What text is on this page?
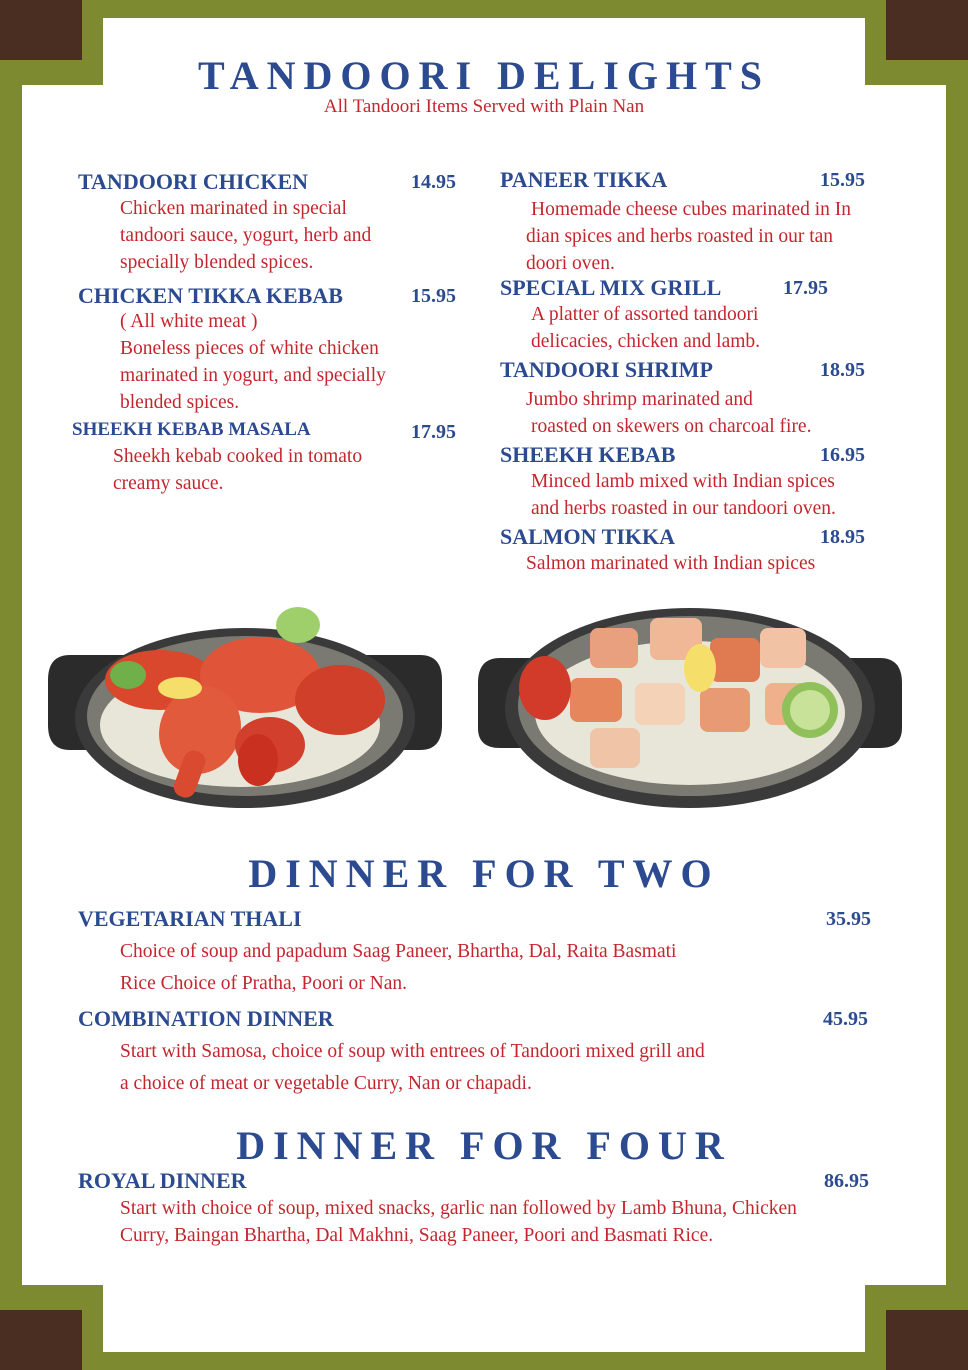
TANDOORI DELIGHTS
All Tandoori Items Served with Plain Nan
TANDOORI CHICKEN	14.95
Chicken marinated in special
tandoori sauce, yogurt, herb and
specially blended spices.
CHICKEN TIKKA KEBAB	15.95
( All white meat )
Boneless pieces of white chicken
marinated in yogurt, and specially
blended spices.
SHEEKH KEBAB MASALA	17.95
Sheekh kebab cooked in tomato
creamy sauce.
PANEER TIKKA	15.95
Homemade cheese cubes marinated in In
dian spices and herbs roasted in our tan
doori oven.
SPECIAL MIX GRILL	17.95
A platter of assorted tandoori
delicacies, chicken and lamb.
TANDOORI SHRIMP	18.95
Jumbo shrimp marinated and
roasted on skewers on charcoal fire.
SHEEKH KEBAB	16.95
Minced lamb mixed with Indian spices
and herbs roasted in our tandoori oven.
SALMON TIKKA	18.95
Salmon marinated with Indian spices
DINNER FOR TWO
VEGETARIAN THALI	35.95
Choice of soup and papadum Saag Paneer, Bhartha, Dal, Raita Basmati
Rice Choice of Pratha, Poori or Nan.
COMBINATION DINNER	45.95
Start with Samosa, choice of soup with entrees of Tandoori mixed grill and
a choice of meat or vegetable Curry, Nan or chapadi.
DINNER FOR FOUR
ROYAL DINNER	86.95
Start with choice of soup, mixed snacks, garlic nan followed by Lamb Bhuna, Chicken
Curry, Baingan Bhartha, Dal Makhni, Saag Paneer, Poori and Basmati Rice.
